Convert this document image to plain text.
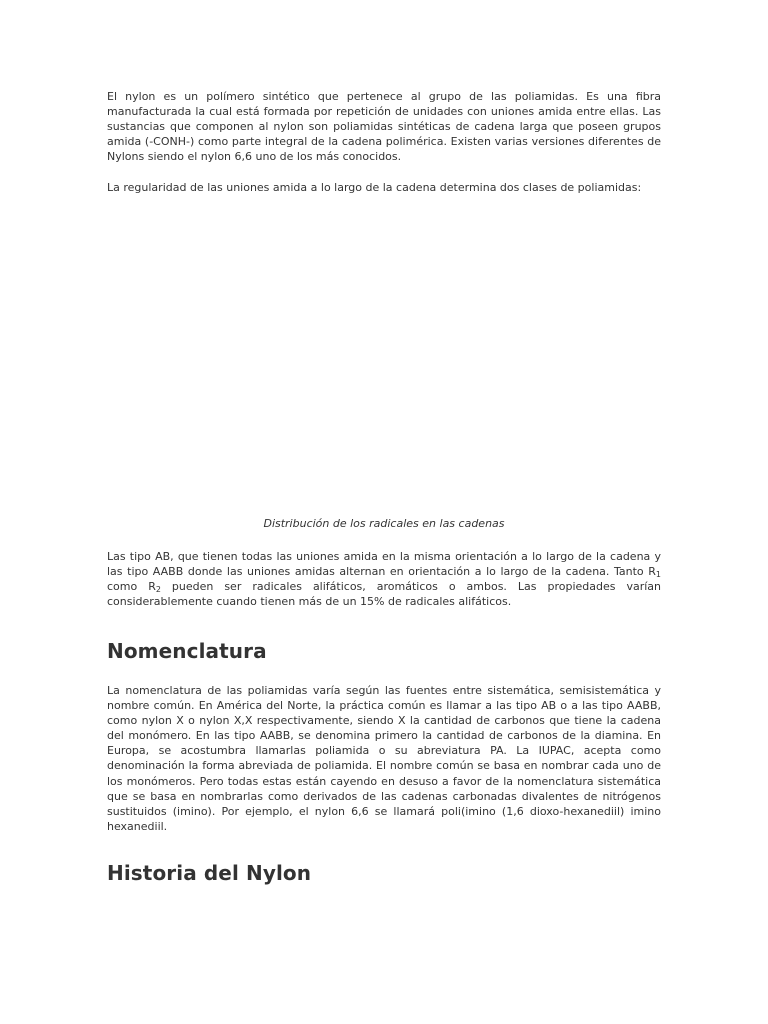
El nylon es un polímero sintético que pertenece al grupo de las poliamidas. Es una fibra manufacturada la cual está formada por repetición de unidades con uniones amida entre ellas. Las sustancias que componen al nylon son poliamidas sintéticas de cadena larga que poseen grupos amida (-CONH-) como parte integral de la cadena polimérica. Existen varias versiones diferentes de Nylons siendo el nylon 6,6 uno de los más conocidos.

La regularidad de las uniones amida a lo largo de la cadena determina dos clases de poliamidas:

Distribución de los radicales en las cadenas

Las tipo AB, que tienen todas las uniones amida en la misma orientación a lo largo de la cadena y las tipo AABB donde las uniones amidas alternan en orientación a lo largo de la cadena. Tanto $R_1$ como $R_2$ pueden ser radicales alifáticos, aromáticos o ambos. Las propiedades varían considerablemente cuando tienen más de un 15% de radicales alifáticos.

Nomenclatura

La nomenclatura de las poliamidas varía según las fuentes entre sistemática, semisistemática y nombre común. En América del Norte, la práctica común es llamar a las tipo AB o a las tipo AABB, como nylon X o nylon X,X respectivamente, siendo X la cantidad de carbonos que tiene la cadena del monómero. En las tipo AABB, se denomina primero la cantidad de carbonos de la diamina. En Europa, se acostumbra llamarlas poliamida o su abreviatura PA. La IUPAC, acepta como denominación la forma abreviada de poliamida. El nombre común se basa en nombrar cada uno de los monómeros. Pero todas estas están cayendo en desuso a favor de la nomenclatura sistemática que se basa en nombrarlas como derivados de las cadenas carbonadas divalentes de nitrógenos sustituidos (imino). Por ejemplo, el nylon 6,6 se llamará poli(imino (1,6 dioxo-hexanediil) imino hexanediil.

Historia del Nylon
